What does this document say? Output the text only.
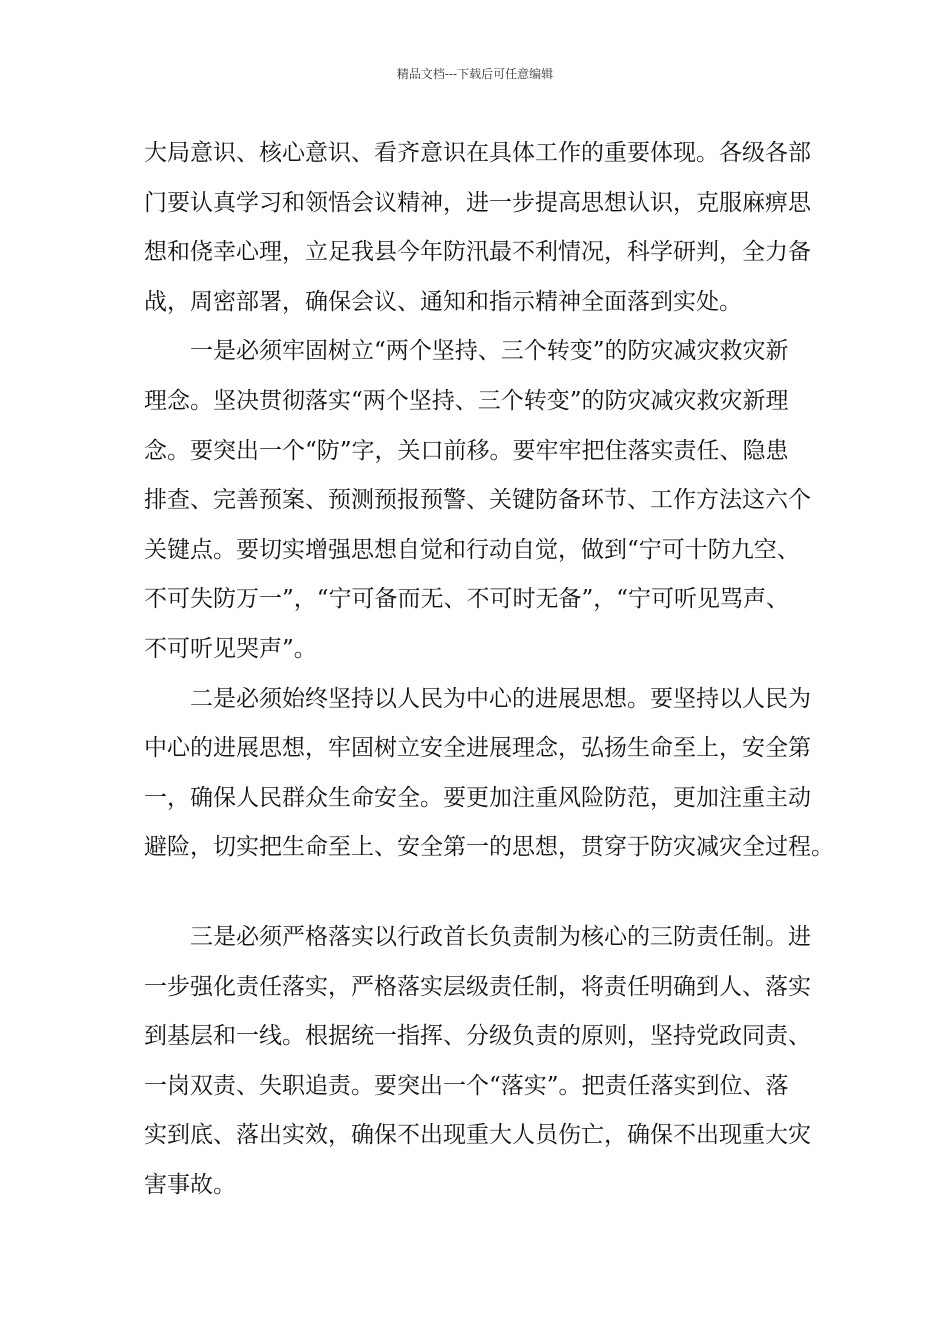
精品文档---下载后可任意编辑
大局意识、核心意识、看齐意识在具体工作的重要体现。各级各部
门要认真学习和领悟会议精神，进一步提高思想认识，克服麻痹思
想和侥幸心理，立足我县今年防汛最不利情况，科学研判，全力备
战，周密部署，确保会议、通知和指示精神全面落到实处。
一是必须牢固树立“两个坚持、三个转变”的防灾减灾救灾新
理念。坚决贯彻落实“两个坚持、三个转变”的防灾减灾救灾新理
念。要突出一个“防”字，关口前移。要牢牢把住落实责任、隐患
排查、完善预案、预测预报预警、关键防备环节、工作方法这六个
关键点。要切实增强思想自觉和行动自觉，做到“宁可十防九空、
不可失防万一”，“宁可备而无、不可时无备”，“宁可听见骂声、
不可听见哭声”。
二是必须始终坚持以人民为中心的进展思想。要坚持以人民为
中心的进展思想，牢固树立安全进展理念，弘扬生命至上，安全第
一，确保人民群众生命安全。要更加注重风险防范，更加注重主动
避险，切实把生命至上、安全第一的思想，贯穿于防灾减灾全过程。
三是必须严格落实以行政首长负责制为核心的三防责任制。进
一步强化责任落实，严格落实层级责任制，将责任明确到人、落实
到基层和一线。根据统一指挥、分级负责的原则，坚持党政同责、
一岗双责、失职追责。要突出一个“落实”。把责任落实到位、落
实到底、落出实效，确保不出现重大人员伤亡，确保不出现重大灾
害事故。
